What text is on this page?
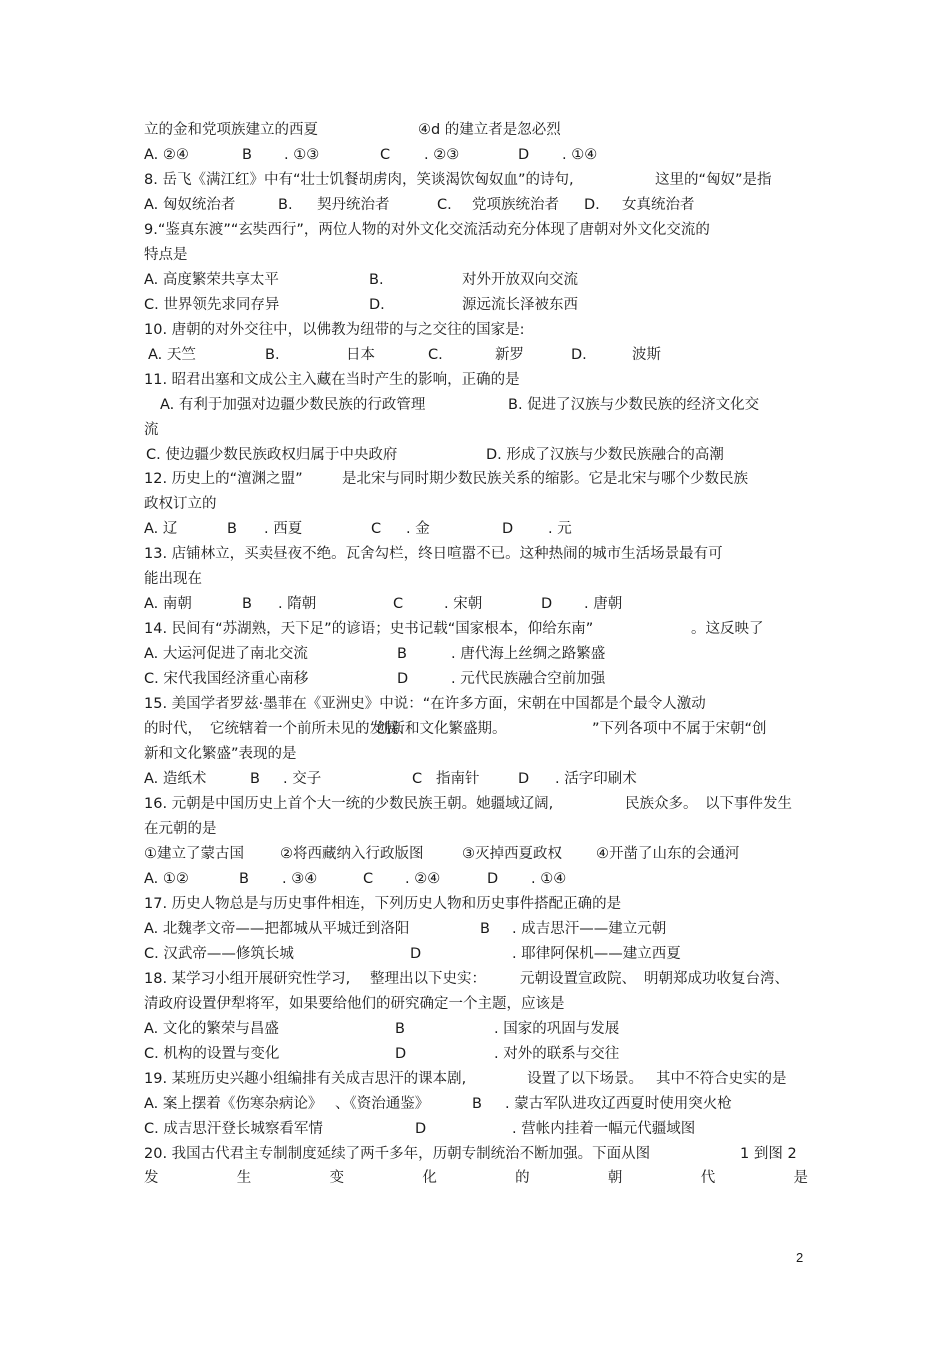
立的金和党项族建立的西夏	④d 的建立者是忽必烈
A. ②④	B . ①③	C . ②③	D . ①④
8. 岳飞《满江红》中有“壮士饥餐胡虏肉，笑谈渴饮匈奴血”的诗句,	这里的“匈奴”是指
A. 匈奴统治者	B. 契丹统治者	C. 党项族统治者 D. 女真统治者
9.“鉴真东渡”“玄奘西行”，两位人物的对外文化交流活动充分体现了唐朝对外文化交流的
特点是
A. 高度繁荣共享太平	B.	对外开放双向交流
C. 世界领先求同存异	D.	源远流长泽被东西
10. 唐朝的对外交往中，以佛教为纽带的与之交往的国家是:
A. 天竺	B.	日本	C.	新罗	D.	波斯
11. 昭君出塞和文成公主入藏在当时产生的影响，正确的是
A. 有利于加强对边疆少数民族的行政管理	B. 促进了汉族与少数民族的经济文化交
流
C. 使边疆少数民族政权归属于中央政府	D. 形成了汉族与少数民族融合的高潮
12. 历史上的“澶渊之盟”	是北宋与同时期少数民族关系的缩影。它是北宋与哪个少数民族
政权订立的
A. 辽	B . 西夏	C . 金	D . 元
13. 店铺林立，买卖昼夜不绝。瓦舍勾栏，终日喧嚣不已。这种热闹的城市生活场景最有可
能出现在
A. 南朝	B . 隋朝	C	. 宋朝	D . 唐朝
14. 民间有“苏湖熟，天下足”的谚语；史书记载“国家根本，仰给东南”	。这反映了
A. 大运河促进了南北交流	B	. 唐代海上丝绸之路繁盛
C. 宋代我国经济重心南移	D	. 元代民族融合空前加强
15. 美国学者罗兹·墨菲在《亚洲史》中说：“在许多方面，宋朝在中国都是个最令人激动
的时代， 它统辖着一个前所未见的发展、
创新和文化繁盛期。	”下列各项中不属于宋朝“创
新和文化繁盛”表现的是
A. 造纸术	B . 交子	C 指南针	D . 活字印刷术
16. 元朝是中国历史上首个大一统的少数民族王朝。她疆域辽阔,	民族众多。 以下事件发生
在元朝的是
①建立了蒙古国 ②将西藏纳入行政版图	③灭掉西夏政权 ④开凿了山东的会通河
A. ①②	B . ③④	C . ②④	D . ①④
17. 历史人物总是与历史事件相连，下列历史人物和历史事件搭配正确的是
A. 北魏孝文帝——把都城从平城迁到洛阳	B . 成吉思汗——建立元朝
C. 汉武帝——修筑长城	D	. 耶律阿保机——建立西夏
18. 某学习小组开展研究性学习, 整理出以下史实： 元朝设置宣政院、 明朝郑成功收复台湾、
清政府设置伊犁将军，如果要给他们的研究确定一个主题，应该是
A. 文化的繁荣与昌盛	B	. 国家的巩固与发展
C. 机构的设置与变化	D	. 对外的联系与交往
19. 某班历史兴趣小组编排有关成吉思汗的课本剧,	设置了以下场景。 其中不符合史实的是
A. 案上摆着《伤寒杂病论》 、《资治通鉴》	B . 蒙古军队进攻辽西夏时使用突火枪
C. 成吉思汗登长城察看军情	D	. 营帐内挂着一幅元代疆域图
20. 我国古代君主专制制度延续了两千多年，历朝专制统治不断加强。下面从图	1 到图 2
发	生	变	化	的	朝	代	是
2
